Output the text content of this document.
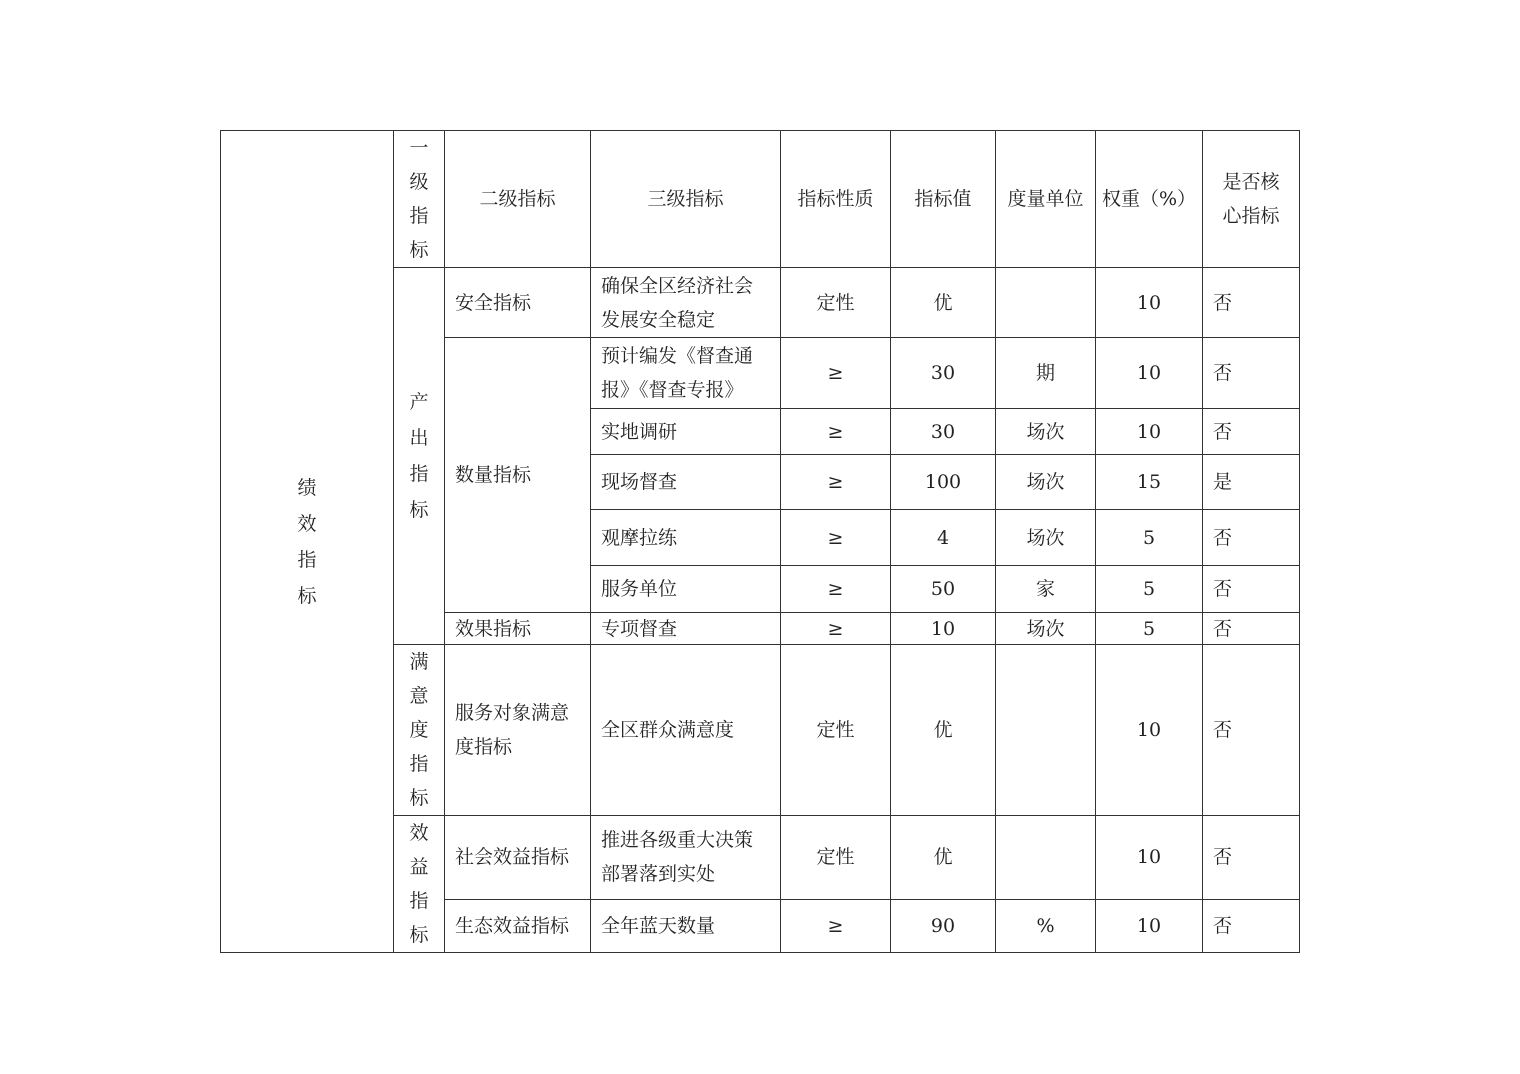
绩效指标	一级指标	二级指标	三级指标	指标性质	指标值	度量单位	权重（%）	是否核心指标
	产出指标	安全指标	确保全区经济社会发展安全稳定	定性	优		10	否
		数量指标	预计编发《督查通报》《督查专报》	≥	30	期	10	否
			实地调研	≥	30	场次	10	否
			现场督查	≥	100	场次	15	是
			观摩拉练	≥	4	场次	5	否
			服务单位	≥	50	家	5	否
		效果指标	专项督查	≥	10	场次	5	否
	满意度指标	服务对象满意度指标	全区群众满意度	定性	优		10	否
	效益指标	社会效益指标	推进各级重大决策部署落到实处	定性	优		10	否
		生态效益指标	全年蓝天数量	≥	90	%	10	否
